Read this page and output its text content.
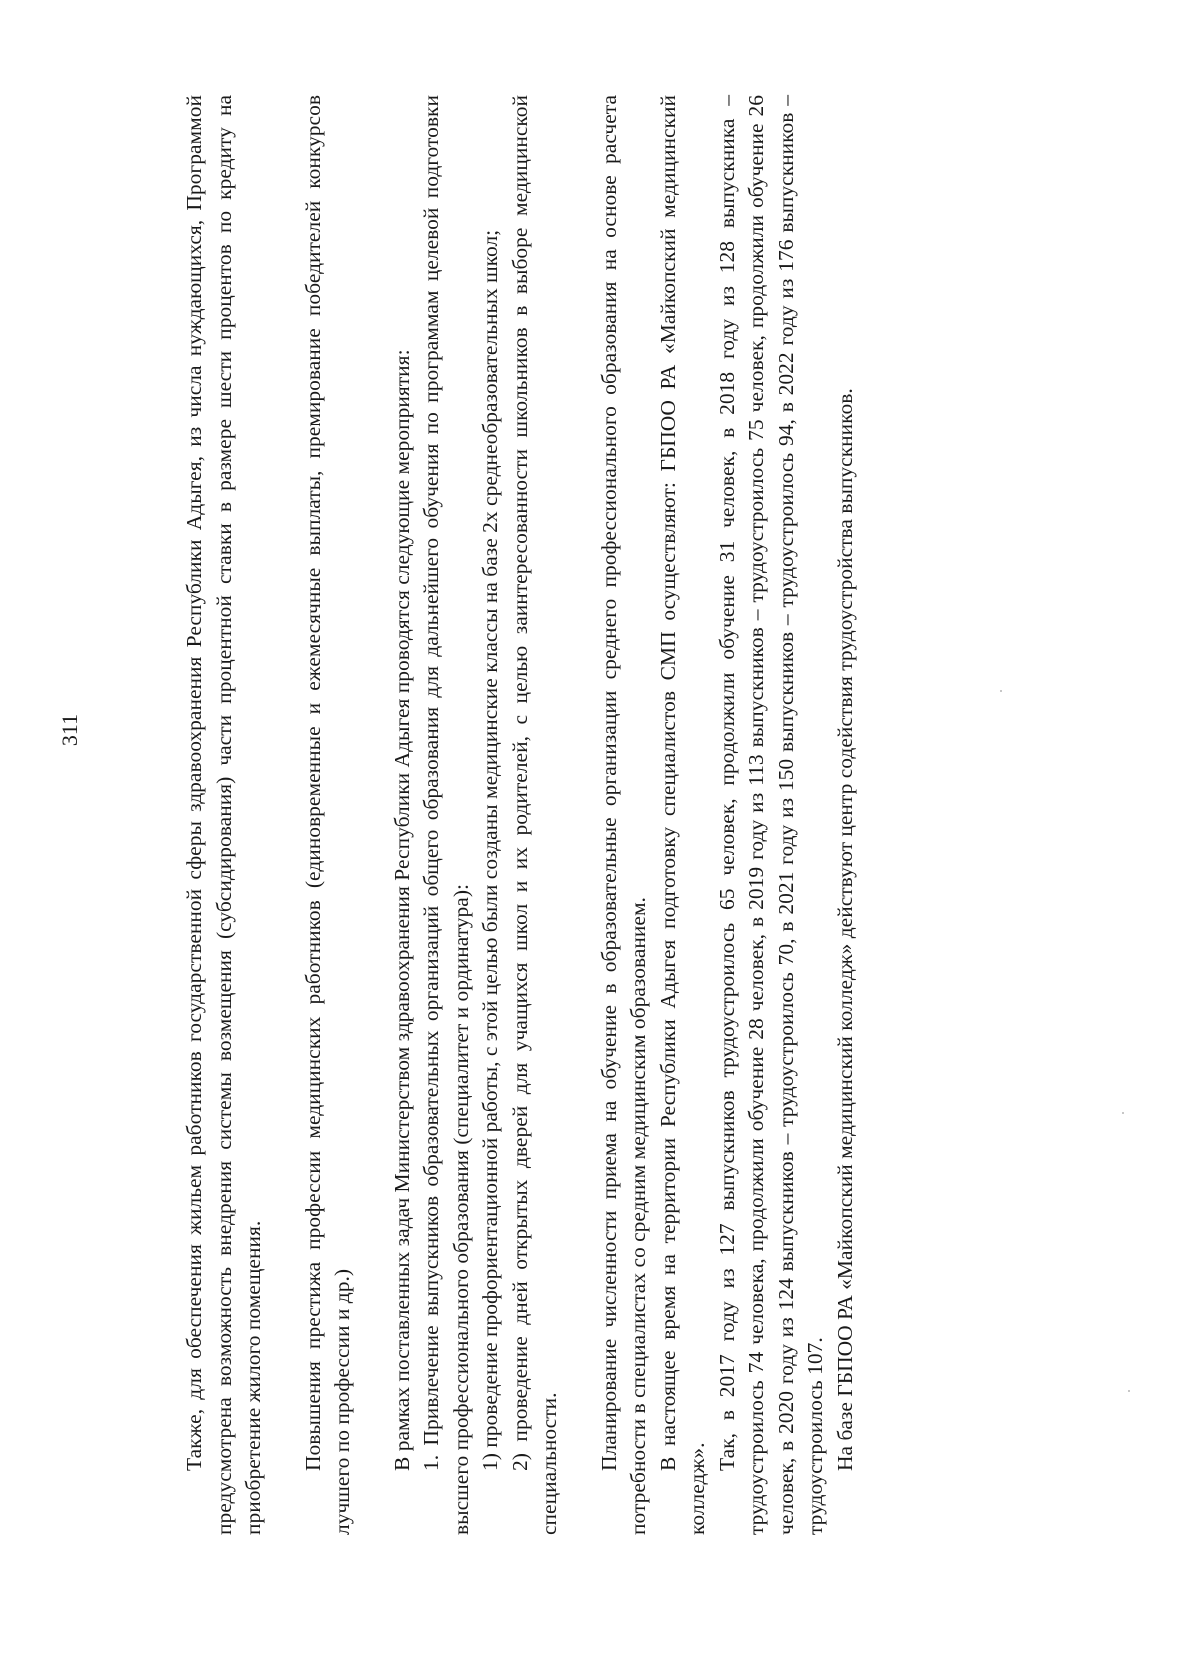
311	Также, для обеспечения жильем работников государственной сферы здравоохранения Республики Адыгея, из числа нуждающихся, Программой предусмотрена возможность внедрения системы возмещения (субсидирования) части процентной ставки в размере шести процентов по кредиту на приобретение жилого помещения. Повышения престижа профессии медицинских работников (единовременные и ежемесячные выплаты, премирование победителей конкурсов лучшего по профессии и др.) В рамках поставленных задач Министерством здравоохранения Республики Адыгея проводятся следующие мероприятия: 1. Привлечение выпускников образовательных организаций общего образования для дальнейшего обучения по программам целевой подготовки высшего профессионального образования (специалитет и ординатура): 1) проведение профориентационной работы, с этой целью были созданы медицинские классы на базе 2х среднеобразовательных школ; 2) проведение дней открытых дверей для учащихся школ и их родителей, с целью заинтересованности школьников в выборе медицинской специальности. Планирование численности приема на обучение в образовательные организации среднего профессионального образования на основе расчета потребности в специалистах со средним медицинским образованием. В настоящее время на территории Республики Адыгея подготовку специалистов СМП осуществляют: ГБПОО РА «Майкопский медицинский колледж».

Так, в 2017 году из 127 выпускников трудоустроилось 65 человек, продолжили обучение 31 человек, в 2018 году из 128 выпускника – трудоустроилось 74 человека, продолжили обучение 28 человек, в 2019 году из 113 выпускников – трудоустроилось 75 человек, продолжили обучение 26 человек, в 2020 году из 124 выпускников – трудоустроилось 70, в 2021 году из 150 выпускников – трудоустроилось 94, в 2022 году из 176 выпускников – трудоустроилось 107. На базе ГБПОО РА «Майкопский медицинский колледж» действуют центр содействия трудоустройства выпускников.
